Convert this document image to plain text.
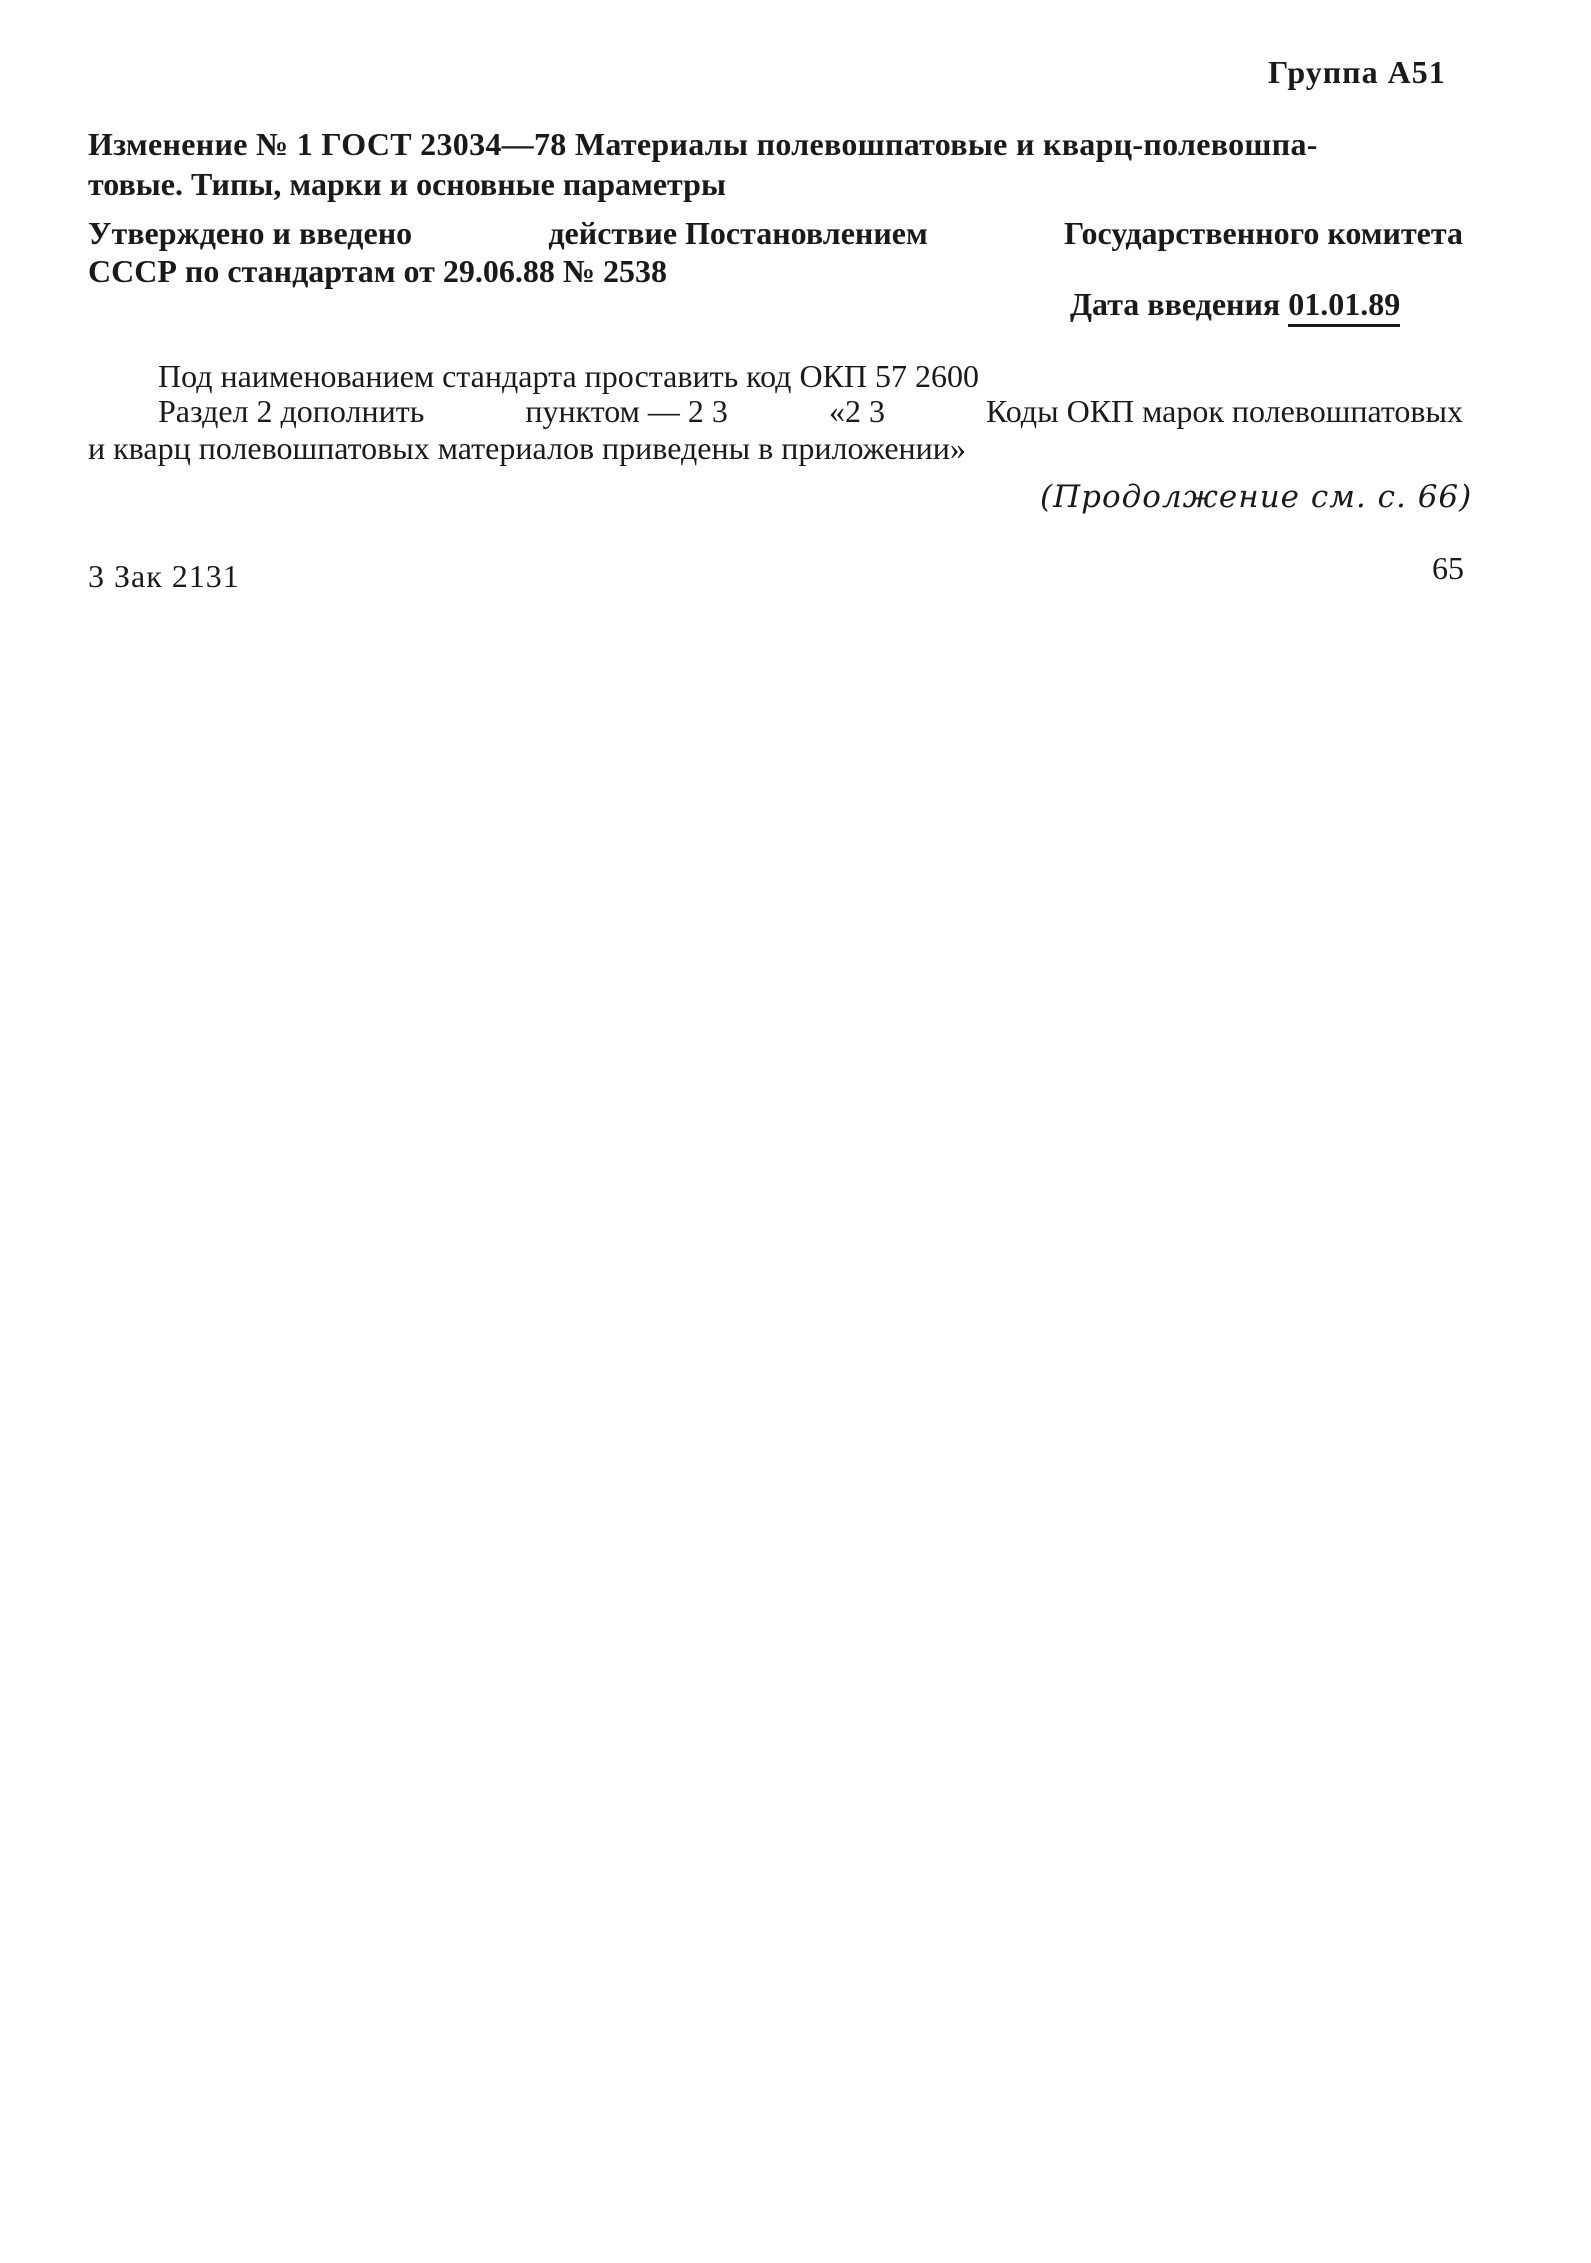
Группа А51
Изменение № 1 ГОСТ 23034—78 Материалы полевошпатовые и кварц-полевошпа-
товые. Типы, марки и основные параметры
Утверждено и введено	действие Постановлением	Государственного комитета
СССР по стандартам от 29.06.88 № 2538
Дата введения 01.01.89
Под наименованием стандарта проставить код ОКП 57 2600
Раздел 2 дополнить	пунктом — 2 3	«2 3	Коды ОКП марок полевошпатовых
и кварц полевошпатовых материалов приведены в приложении»
(Продолжение см. с. 66)
3 Зак 2131	65
